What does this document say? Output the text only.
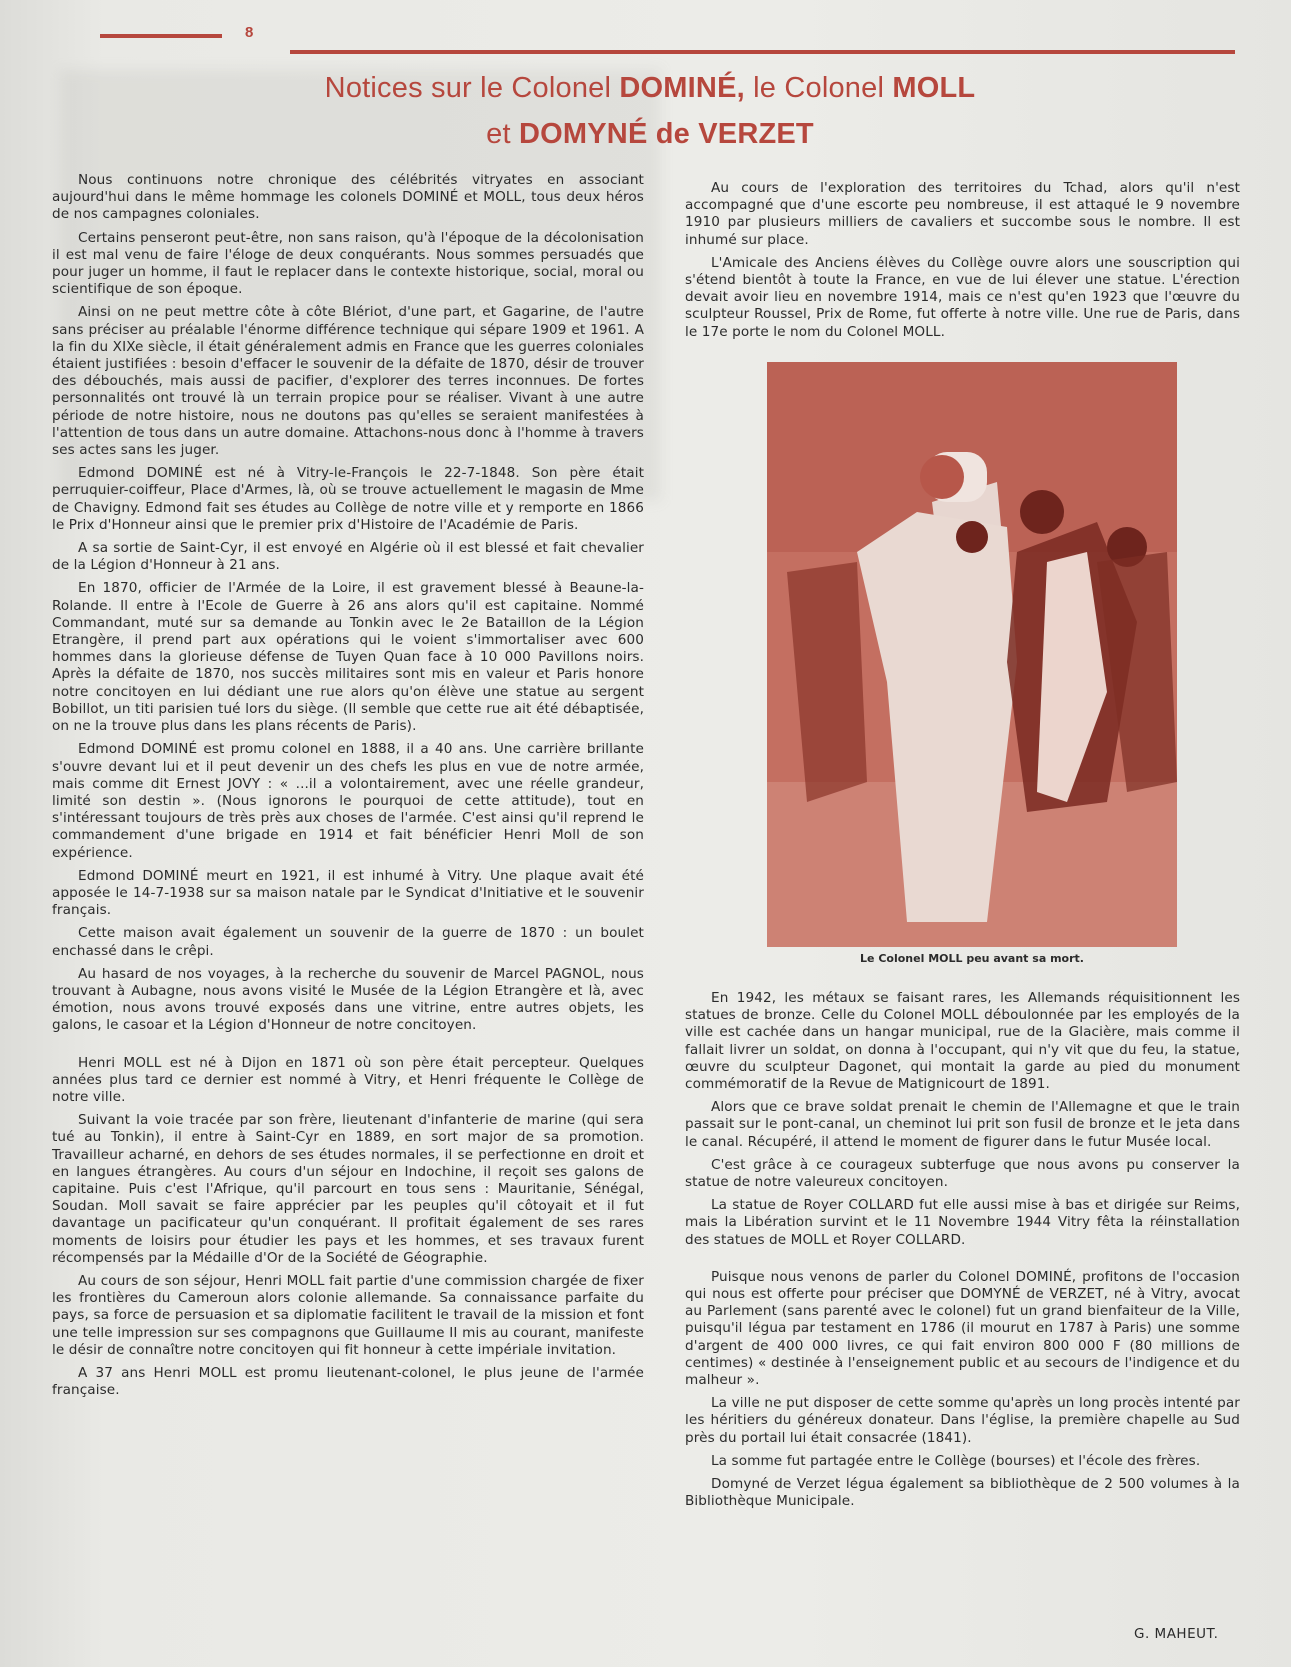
8
Notices sur le Colonel DOMINÉ, le Colonel MOLL
et DOMYNÉ de VERZET

Nous continuons notre chronique des célébrités vitryates en associant aujourd'hui dans le même hommage les colonels DOMINÉ et MOLL, tous deux héros de nos campagnes coloniales.

Certains penseront peut-être, non sans raison, qu'à l'époque de la décolonisation il est mal venu de faire l'éloge de deux conquérants. Nous sommes persuadés que pour juger un homme, il faut le replacer dans le contexte historique, social, moral ou scientifique de son époque.

Ainsi on ne peut mettre côte à côte Blériot, d'une part, et Gagarine, de l'autre sans préciser au préalable l'énorme différence technique qui sépare 1909 et 1961. A la fin du XIXe siècle, il était généralement admis en France que les guerres coloniales étaient justifiées : besoin d'effacer le souvenir de la défaite de 1870, désir de trouver des débouchés, mais aussi de pacifier, d'explorer des terres inconnues. De fortes personnalités ont trouvé là un terrain propice pour se réaliser. Vivant à une autre période de notre histoire, nous ne doutons pas qu'elles se seraient manifestées à l'attention de tous dans un autre domaine. Attachons-nous donc à l'homme à travers ses actes sans les juger.

Edmond DOMINÉ est né à Vitry-le-François le 22-7-1848. Son père était perruquier-coiffeur, Place d'Armes, là, où se trouve actuellement le magasin de Mme de Chavigny. Edmond fait ses études au Collège de notre ville et y remporte en 1866 le Prix d'Honneur ainsi que le premier prix d'Histoire de l'Académie de Paris.

A sa sortie de Saint-Cyr, il est envoyé en Algérie où il est blessé et fait chevalier de la Légion d'Honneur à 21 ans.

En 1870, officier de l'Armée de la Loire, il est gravement blessé à Beaune-la-Rolande. Il entre à l'Ecole de Guerre à 26 ans alors qu'il est capitaine. Nommé Commandant, muté sur sa demande au Tonkin avec le 2e Bataillon de la Légion Etrangère, il prend part aux opérations qui le voient s'immortaliser avec 600 hommes dans la glorieuse défense de Tuyen Quan face à 10 000 Pavillons noirs. Après la défaite de 1870, nos succès militaires sont mis en valeur et Paris honore notre concitoyen en lui dédiant une rue alors qu'on élève une statue au sergent Bobillot, un titi parisien tué lors du siège. (Il semble que cette rue ait été débaptisée, on ne la trouve plus dans les plans récents de Paris).

Edmond DOMINÉ est promu colonel en 1888, il a 40 ans. Une carrière brillante s'ouvre devant lui et il peut devenir un des chefs les plus en vue de notre armée, mais comme dit Ernest JOVY : « ...il a volontairement, avec une réelle grandeur, limité son destin ». (Nous ignorons le pourquoi de cette attitude), tout en s'intéressant toujours de très près aux choses de l'armée. C'est ainsi qu'il reprend le commandement d'une brigade en 1914 et fait bénéficier Henri Moll de son expérience.

Edmond DOMINÉ meurt en 1921, il est inhumé à Vitry. Une plaque avait été apposée le 14-7-1938 sur sa maison natale par le Syndicat d'Initiative et le souvenir français.

Cette maison avait également un souvenir de la guerre de 1870 : un boulet enchassé dans le crêpi.

Au hasard de nos voyages, à la recherche du souvenir de Marcel PAGNOL, nous trouvant à Aubagne, nous avons visité le Musée de la Légion Etrangère et là, avec émotion, nous avons trouvé exposés dans une vitrine, entre autres objets, les galons, le casoar et la Légion d'Honneur de notre concitoyen.

Henri MOLL est né à Dijon en 1871 où son père était percepteur. Quelques années plus tard ce dernier est nommé à Vitry, et Henri fréquente le Collège de notre ville.

Suivant la voie tracée par son frère, lieutenant d'infanterie de marine (qui sera tué au Tonkin), il entre à Saint-Cyr en 1889, en sort major de sa promotion. Travailleur acharné, en dehors de ses études normales, il se perfectionne en droit et en langues étrangères. Au cours d'un séjour en Indochine, il reçoit ses galons de capitaine. Puis c'est l'Afrique, qu'il parcourt en tous sens : Mauritanie, Sénégal, Soudan. Moll savait se faire apprécier par les peuples qu'il côtoyait et il fut davantage un pacificateur qu'un conquérant. Il profitait également de ses rares moments de loisirs pour étudier les pays et les hommes, et ses travaux furent récompensés par la Médaille d'Or de la Société de Géographie.

Au cours de son séjour, Henri MOLL fait partie d'une commission chargée de fixer les frontières du Cameroun alors colonie allemande. Sa connaissance parfaite du pays, sa force de persuasion et sa diplomatie facilitent le travail de la mission et font une telle impression sur ses compagnons que Guillaume II mis au courant, manifeste le désir de connaître notre concitoyen qui fit honneur à cette impériale invitation.

A 37 ans Henri MOLL est promu lieutenant-colonel, le plus jeune de l'armée française.

Au cours de l'exploration des territoires du Tchad, alors qu'il n'est accompagné que d'une escorte peu nombreuse, il est attaqué le 9 novembre 1910 par plusieurs milliers de cavaliers et succombe sous le nombre. Il est inhumé sur place.

L'Amicale des Anciens élèves du Collège ouvre alors une souscription qui s'étend bientôt à toute la France, en vue de lui élever une statue. L'érection devait avoir lieu en novembre 1914, mais ce n'est qu'en 1923 que l'œuvre du sculpteur Roussel, Prix de Rome, fut offerte à notre ville. Une rue de Paris, dans le 17e porte le nom du Colonel MOLL.

Le Colonel MOLL peu avant sa mort.

En 1942, les métaux se faisant rares, les Allemands réquisitionnent les statues de bronze. Celle du Colonel MOLL déboulonnée par les employés de la ville est cachée dans un hangar municipal, rue de la Glacière, mais comme il fallait livrer un soldat, on donna à l'occupant, qui n'y vit que du feu, la statue, œuvre du sculpteur Dagonet, qui montait la garde au pied du monument commémoratif de la Revue de Matignicourt de 1891.

Alors que ce brave soldat prenait le chemin de l'Allemagne et que le train passait sur le pont-canal, un cheminot lui prit son fusil de bronze et le jeta dans le canal. Récupéré, il attend le moment de figurer dans le futur Musée local.

C'est grâce à ce courageux subterfuge que nous avons pu conserver la statue de notre valeureux concitoyen.

La statue de Royer COLLARD fut elle aussi mise à bas et dirigée sur Reims, mais la Libération survint et le 11 Novembre 1944 Vitry fêta la réinstallation des statues de MOLL et Royer COLLARD.

Puisque nous venons de parler du Colonel DOMINÉ, profitons de l'occasion qui nous est offerte pour préciser que DOMYNÉ de VERZET, né à Vitry, avocat au Parlement (sans parenté avec le colonel) fut un grand bienfaiteur de la Ville, puisqu'il légua par testament en 1786 (il mourut en 1787 à Paris) une somme d'argent de 400 000 livres, ce qui fait environ 800 000 F (80 millions de centimes) « destinée à l'enseignement public et au secours de l'indigence et du malheur ».

La ville ne put disposer de cette somme qu'après un long procès intenté par les héritiers du généreux donateur. Dans l'église, la première chapelle au Sud près du portail lui était consacrée (1841).

La somme fut partagée entre le Collège (bourses) et l'école des frères.

Domyné de Verzet légua également sa bibliothèque de 2 500 volumes à la Bibliothèque Municipale.

G. MAHEUT.
